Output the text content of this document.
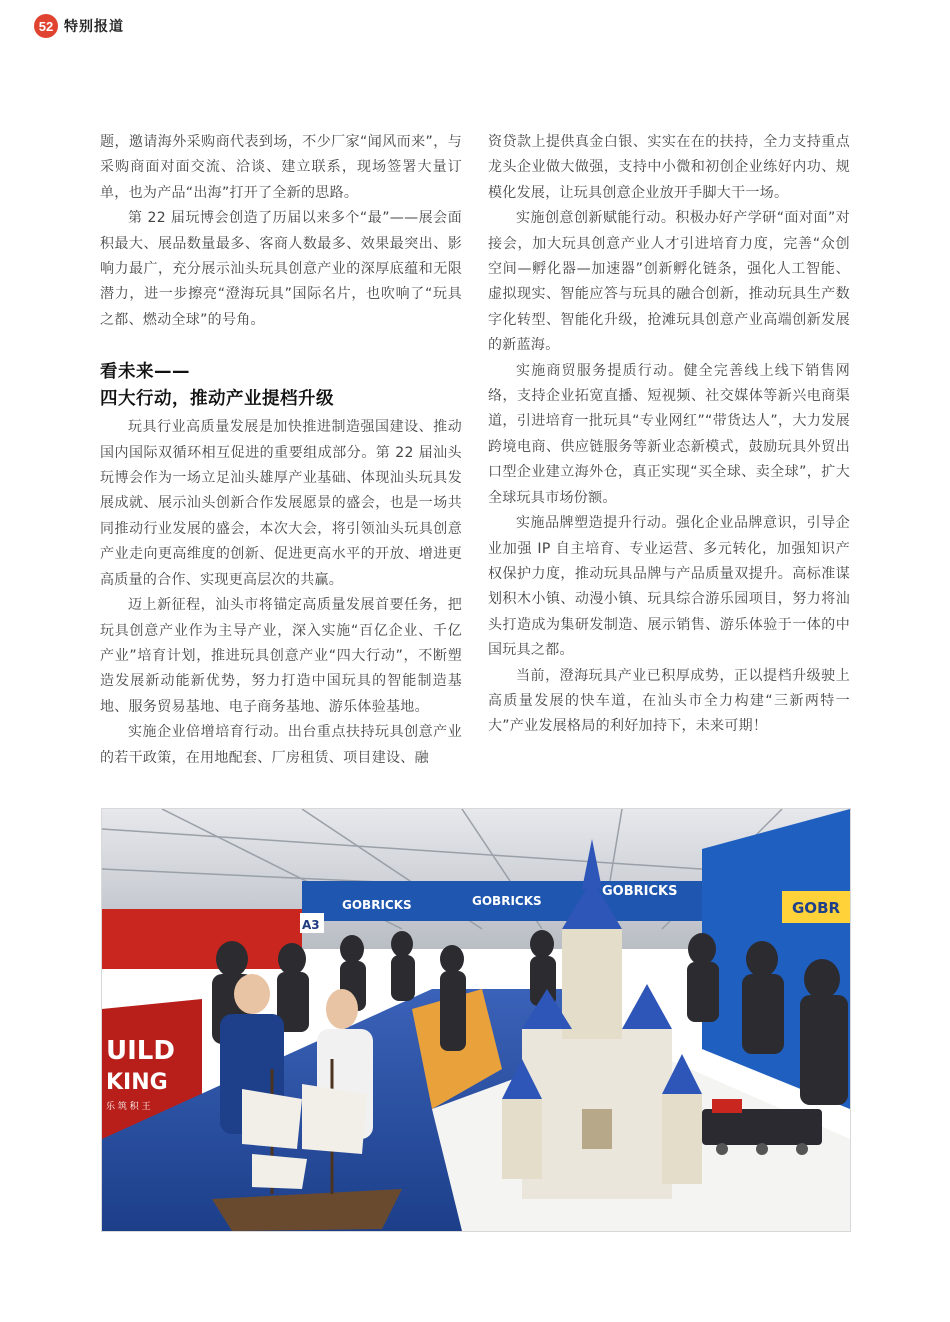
52 特别报道

题，邀请海外采购商代表到场，不少厂家“闻风而来”，与采购商面对面交流、洽谈、建立联系，现场签署大量订单，也为产品“出海”打开了全新的思路。

第 22 届玩博会创造了历届以来多个“最”——展会面积最大、展品数量最多、客商人数最多、效果最突出、影响力最广，充分展示汕头玩具创意产业的深厚底蕴和无限潜力，进一步擦亮“澄海玩具”国际名片，也吹响了“玩具之都、燃动全球”的号角。

看未来——
四大行动，推动产业提档升级

玩具行业高质量发展是加快推进制造强国建设、推动国内国际双循环相互促进的重要组成部分。第 22 届汕头玩博会作为一场立足汕头雄厚产业基础、体现汕头玩具发展成就、展示汕头创新合作发展愿景的盛会，也是一场共同推动行业发展的盛会，本次大会，将引领汕头玩具创意产业走向更高维度的创新、促进更高水平的开放、增进更高质量的合作、实现更高层次的共赢。

迈上新征程，汕头市将锚定高质量发展首要任务，把玩具创意产业作为主导产业，深入实施“百亿企业、千亿产业”培育计划，推进玩具创意产业“四大行动”，不断塑造发展新动能新优势，努力打造中国玩具的智能制造基地、服务贸易基地、电子商务基地、游乐体验基地。

实施企业倍增培育行动。出台重点扶持玩具创意产业的若干政策，在用地配套、厂房租赁、项目建设、融

资贷款上提供真金白银、实实在在的扶持，全力支持重点龙头企业做大做强，支持中小微和初创企业练好内功、规模化发展，让玩具创意企业放开手脚大干一场。

实施创意创新赋能行动。积极办好产学研“面对面”对接会，加大玩具创意产业人才引进培育力度，完善“众创空间—孵化器—加速器”创新孵化链条，强化人工智能、虚拟现实、智能应答与玩具的融合创新，推动玩具生产数字化转型、智能化升级，抢滩玩具创意产业高端创新发展的新蓝海。

实施商贸服务提质行动。健全完善线上线下销售网络，支持企业拓宽直播、短视频、社交媒体等新兴电商渠道，引进培育一批玩具“专业网红”“带货达人”，大力发展跨境电商、供应链服务等新业态新模式，鼓励玩具外贸出口型企业建立海外仓，真正实现“买全球、卖全球”，扩大全球玩具市场份额。

实施品牌塑造提升行动。强化企业品牌意识，引导企业加强 IP 自主培育、专业运营、多元转化，加强知识产权保护力度，推动玩具品牌与产品质量双提升。高标准谋划积木小镇、动漫小镇、玩具综合游乐园项目，努力将汕头打造成为集研发制造、展示销售、游乐体验于一体的中国玩具之都。

当前，澄海玩具产业已积厚成势，正以提档升级驶上高质量发展的快车道，在汕头市全力构建“三新两特一大”产业发展格局的利好加持下，未来可期！

GOBRICKS	GOBRICKS
GOBRICKS
GOBR
A3
UILD
KING
乐 筑 积 王
